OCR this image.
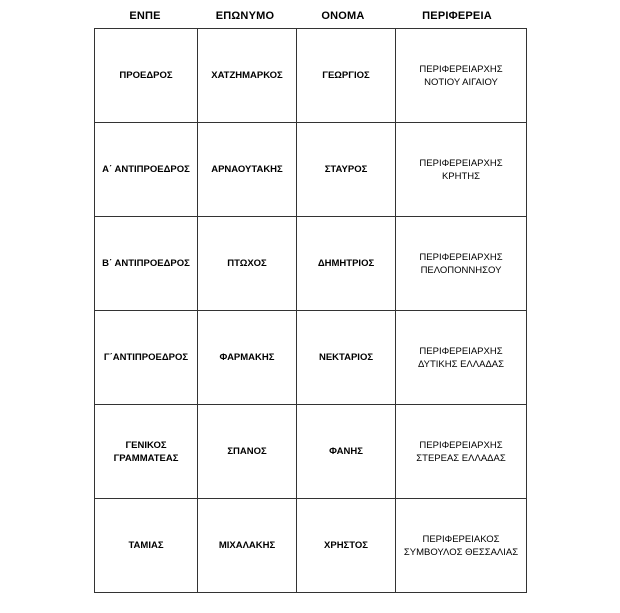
ΕΝΠΕ	ΕΠΩΝΥΜΟ	ΟΝΟΜΑ	ΠΕΡΙΦΕΡΕΙΑ
ΠΡΟΕΔΡΟΣ	ΧΑΤΖΗΜΑΡΚΟΣ	ΓΕΩΡΓΙΟΣ	ΠΕΡΙΦΕΡΕΙΑΡΧΗΣ
ΝΟΤΙΟΥ ΑΙΓΑΙΟΥ

Α΄ ΑΝΤΙΠΡΟΕΔΡΟΣ	ΑΡΝΑΟΥΤΑΚΗΣ	ΣΤΑΥΡΟΣ	ΠΕΡΙΦΕΡΕΙΑΡΧΗΣ
ΚΡΗΤΗΣ

Β΄ ΑΝΤΙΠΡΟΕΔΡΟΣ	ΠΤΩΧΟΣ	ΔΗΜΗΤΡΙΟΣ	ΠΕΡΙΦΕΡΕΙΑΡΧΗΣ
ΠΕΛΟΠΟΝΝΗΣΟΥ

Γ΄ΑΝΤΙΠΡΟΕΔΡΟΣ	ΦΑΡΜΑΚΗΣ	ΝΕΚΤΑΡΙΟΣ	ΠΕΡΙΦΕΡΕΙΑΡΧΗΣ
ΔΥΤΙΚΗΣ ΕΛΛΑΔΑΣ

ΓΕΝΙΚΟΣ
ΓΡΑΜΜΑΤΕΑΣ	ΣΠΑΝΟΣ	ΦΑΝΗΣ	ΠΕΡΙΦΕΡΕΙΑΡΧΗΣ
ΣΤΕΡΕΑΣ ΕΛΛΑΔΑΣ

ΤΑΜΙΑΣ	ΜΙΧΑΛΑΚΗΣ	ΧΡΗΣΤΟΣ	ΠΕΡΙΦΕΡΕΙΑΚΟΣ
ΣΥΜΒΟΥΛΟΣ ΘΕΣΣΑΛΙΑΣ
